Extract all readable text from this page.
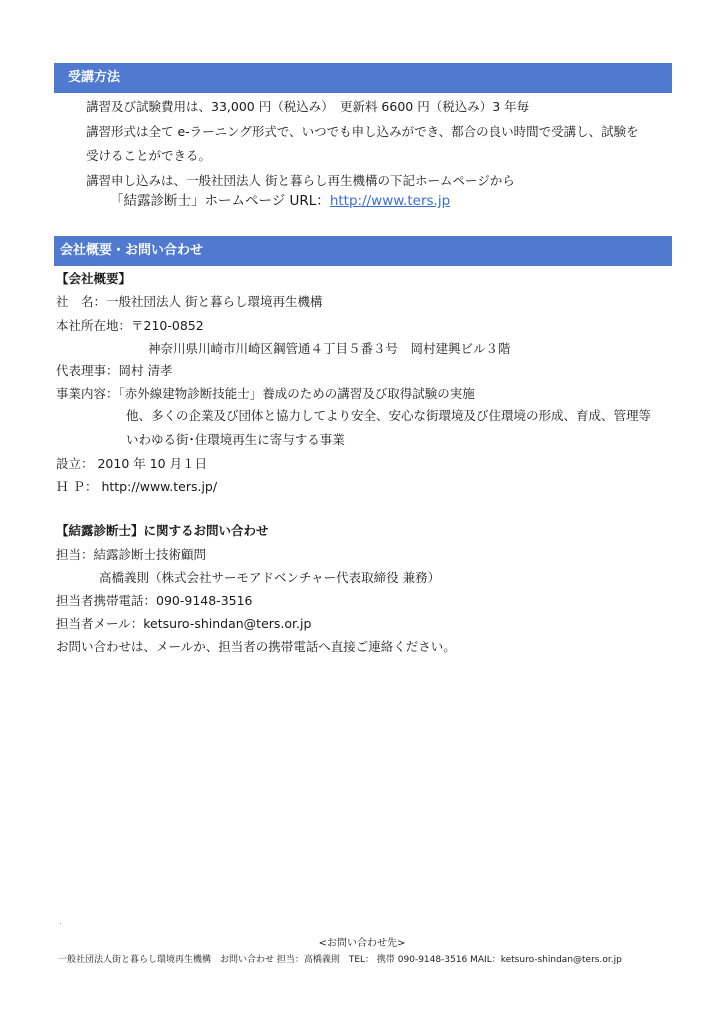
受講方法
講習及び試験費用は、33,000 円（税込み）　更新料 6600 円（税込み）3 年毎
講習形式は全て e-ラーニング形式で、いつでも申し込みができ、都合の良い時間で受講し、試験を
受けることができる。
講習申し込みは、一般社団法人 街と暮らし再生機構の下記ホームページから
「結露診断士」ホームページ URL：http://www.ters.jp
会社概要・お問い合わせ
【会社概要】
社　名：一般社団法人 街と暮らし環境再生機構
本社所在地：〒210-0852
神奈川県川崎市川崎区鋼管通４丁目５番３号　岡村建興ビル３階
代表理事：岡村 清孝
事業内容：「赤外線建物診断技能士」養成のための講習及び取得試験の実施
他、多くの企業及び団体と協力してより安全、安心な街環境及び住環境の形成、育成、管理等
いわゆる街･住環境再生に寄与する事業
設立： 2010 年 10 月１日
Ｈ Ｐ： http://www.ters.jp/
【結露診断士】に関するお問い合わせ
担当：結露診断士技術顧問
高橋義則（株式会社サーモアドベンチャー代表取締役 兼務）
担当者携帯電話：090-9148-3516
担当者メール：ketsuro-shindan@ters.or.jp
お問い合わせは、メールか、担当者の携帯電話へ直接ご連絡ください。
<お問い合わせ先>
一般社団法人街と暮らし環境再生機構　お問い合わせ 担当：高橋義則　TEL： 携帯 090-9148-3516 MAIL：ketsuro-shindan@ters.or.jp
